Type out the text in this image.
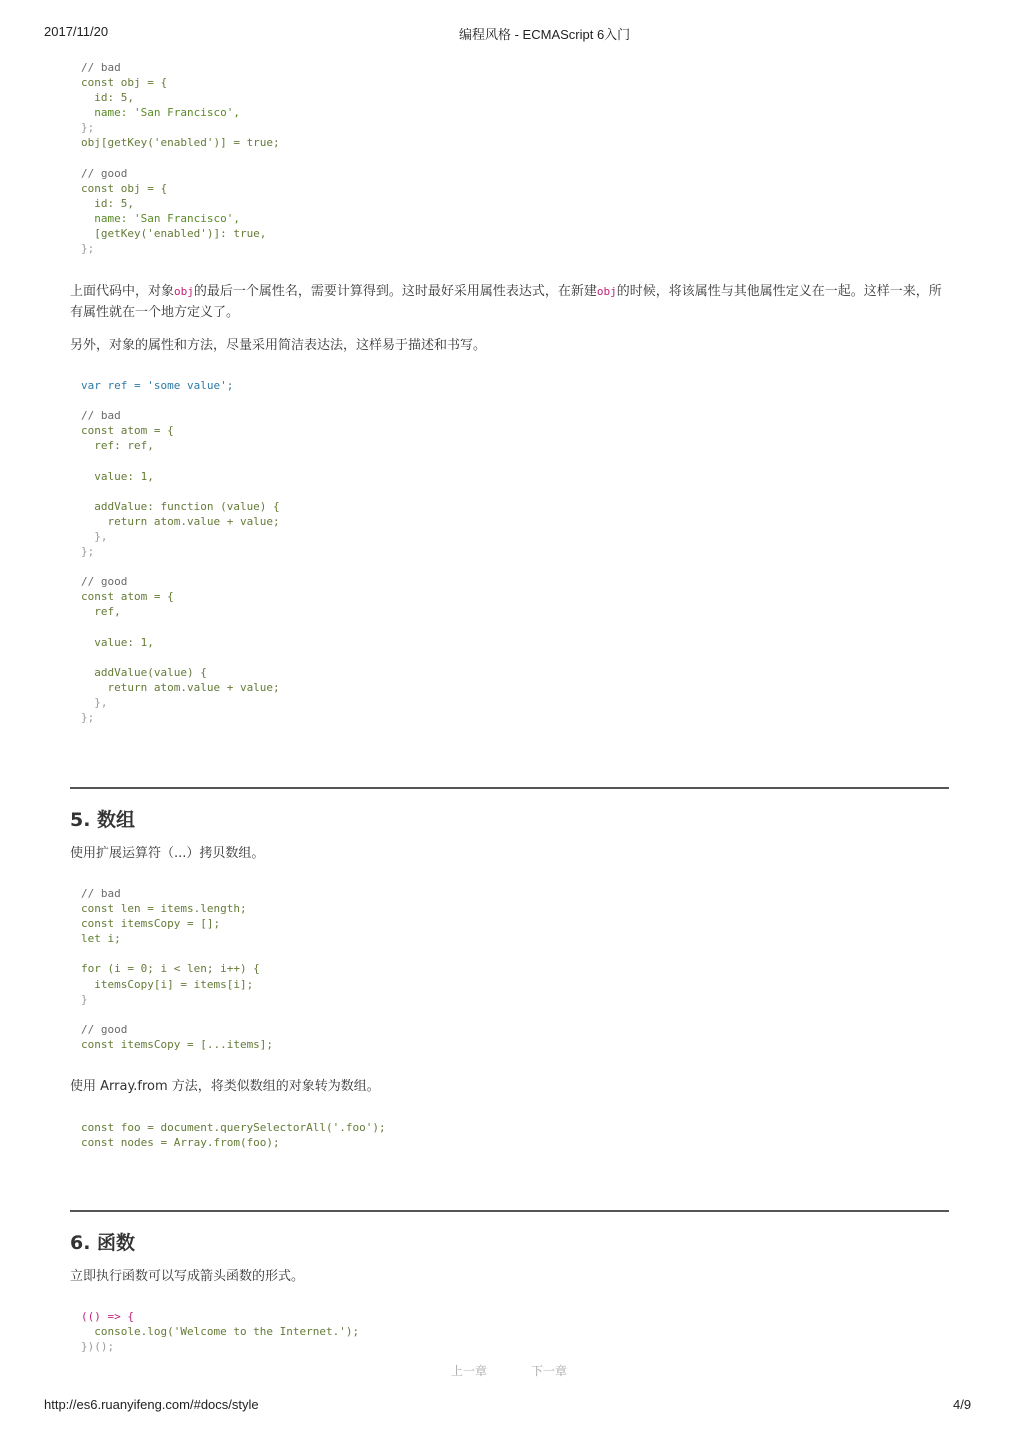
2017/11/20	编程风格 - ECMAScript 6入门
// bad
const obj = {
id: 5,
name: 'San Francisco',
};
obj[getKey('enabled')] = true;

// good
const obj = {
id: 5,
name: 'San Francisco',
[getKey('enabled')]: true,
};

上面代码中，对象obj的最后一个属性名，需要计算得到。这时最好采用属性表达式，在新建obj的时候，将该属性与其他属性定义在一起。这样一来，所有属性就在一个地方定义了。

另外，对象的属性和方法，尽量采用简洁表达法，这样易于描述和书写。

var ref = 'some value';

// bad
const atom = {
ref: ref,

value: 1,

addValue: function (value) {
return atom.value + value;
},
};

// good
const atom = {
ref,

value: 1,

addValue(value) {
return atom.value + value;
},
};
5. 数组

使用扩展运算符（...）拷贝数组。

// bad
const len = items.length;
const itemsCopy = [];
let i;

for (i = 0; i < len; i++) {
itemsCopy[i] = items[i];
}

// good
const itemsCopy = [...items];

使用 Array.from 方法，将类似数组的对象转为数组。

const foo = document.querySelectorAll('.foo');
const nodes = Array.from(foo);
6. 函数

立即执行函数可以写成箭头函数的形式。

(() => {
console.log('Welcome to the Internet.');
})();
上一章	下一章
http://es6.ruanyifeng.com/#docs/style	4/9
